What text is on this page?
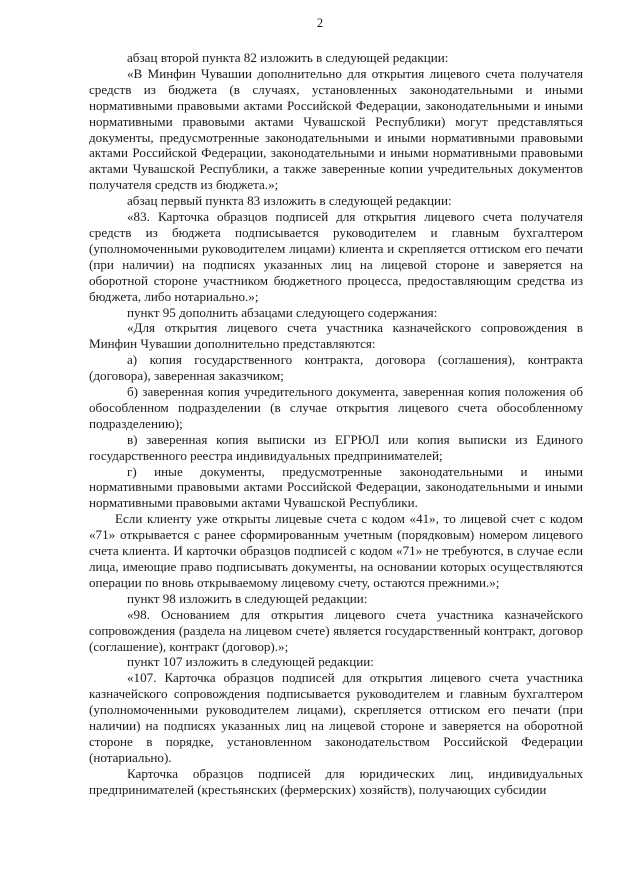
2

абзац второй пункта 82 изложить в следующей редакции:

«В Минфин Чувашии дополнительно для открытия лицевого счета получателя средств из бюджета (в случаях, установленных законодательными и иными нормативными правовыми актами Российской Федерации, законодательными и иными нормативными правовыми актами Чувашской Республики) могут представляться документы, предусмотренные законодательными и иными нормативными правовыми актами Российской Федерации, законодательными и иными нормативными правовыми актами Чувашской Республики, а также заверенные копии учредительных документов получателя средств из бюджета.»;

абзац первый пункта 83 изложить в следующей редакции:

«83. Карточка образцов подписей для открытия лицевого счета получателя средств из бюджета подписывается руководителем и главным бухгалтером (уполномоченными руководителем лицами) клиента и скрепляется оттиском его печати (при наличии) на подписях указанных лиц на лицевой стороне и заверяется на оборотной стороне участником бюджетного процесса, предоставляющим средства из бюджета, либо нотариально.»;

пункт 95 дополнить абзацами следующего содержания:

«Для открытия лицевого счета участника казначейского сопровождения в Минфин Чувашии дополнительно представляются:

а) копия государственного контракта, договора (соглашения), контракта (договора), заверенная заказчиком;

б) заверенная копия учредительного документа, заверенная копия положения об обособленном подразделении (в случае открытия лицевого счета обособленному подразделению);

в) заверенная копия выписки из ЕГРЮЛ или копия выписки из Единого государственного реестра индивидуальных предпринимателей;

г) иные документы, предусмотренные законодательными и иными нормативными правовыми актами Российской Федерации, законодательными и иными нормативными правовыми актами Чувашской Республики.

Если клиенту уже открыты лицевые счета с кодом «41», то лицевой счет с кодом «71» открывается с ранее сформированным учетным (порядковым) номером лицевого счета клиента. И карточки образцов подписей с кодом «71» не требуются, в случае если лица, имеющие право подписывать документы, на основании которых осуществляются операции по вновь открываемому лицевому счету, остаются прежними.»;

пункт 98 изложить в следующей редакции:

«98. Основанием для открытия лицевого счета участника казначейского сопровождения (раздела на лицевом счете) является государственный контракт, договор (соглашение), контракт (договор).»;

пункт 107 изложить в следующей редакции:

«107. Карточка образцов подписей для открытия лицевого счета участника казначейского сопровождения подписывается руководителем и главным бухгалтером (уполномоченными руководителем лицами), скрепляется оттиском его печати (при наличии) на подписях указанных лиц на лицевой стороне и заверяется на оборотной стороне в порядке, установленном законодательством Российской Федерации (нотариально).

Карточка образцов подписей для юридических лиц, индивидуальных предпринимателей (крестьянских (фермерских) хозяйств), получающих субсидии
